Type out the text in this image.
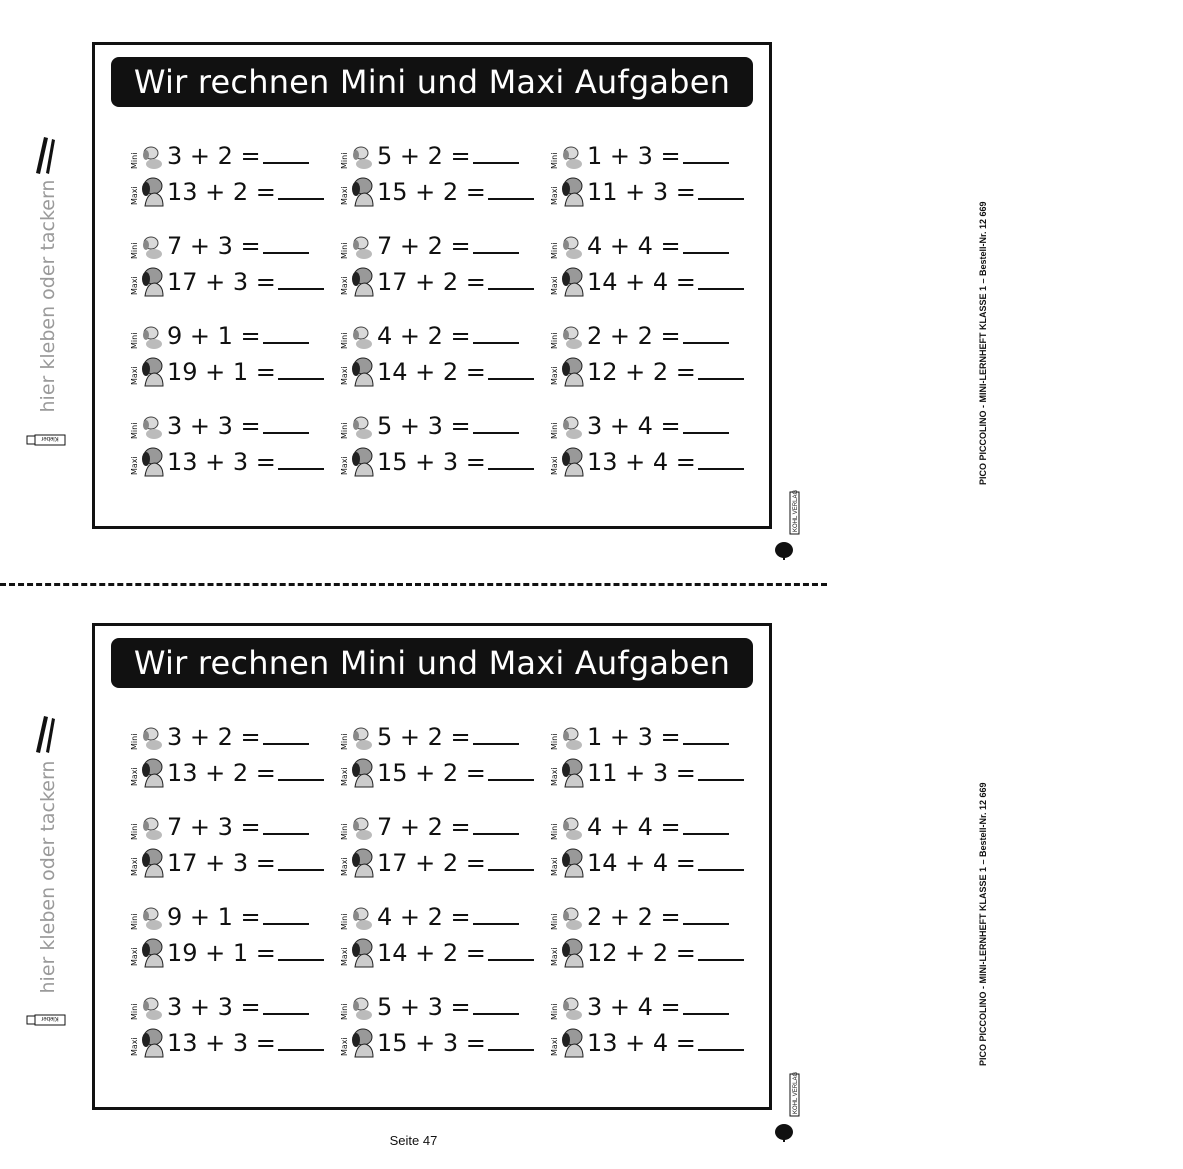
hier kleben oder tackern
Kleber
hier kleben oder tackern
Kleber
Wir rechnen Mini und Maxi Aufgaben
Mini 3 + 2 =
Maxi 13 + 2 =
Mini 5 + 2 =
Maxi 15 + 2 =
Mini 1 + 3 =
Maxi 11 + 3 =
Mini 7 + 3 =
Maxi 17 + 3 =
Mini 7 + 2 =
Maxi 17 + 2 =
Mini 4 + 4 =
Maxi 14 + 4 =
Mini 9 + 1 =
Maxi 19 + 1 =
Mini 4 + 2 =
Maxi 14 + 2 =
Mini 2 + 2 =
Maxi 12 + 2 =
Mini 3 + 3 =
Maxi 13 + 3 =
Mini 5 + 3 =
Maxi 15 + 3 =
Mini 3 + 4 =
Maxi 13 + 4 =	PICO PICCOLINO - MINI-LERNHEFT KLASSE 1 – Bestell-Nr. 12 669
KOHL VERLAG
Wir rechnen Mini und Maxi Aufgaben
Mini 3 + 2 =
Maxi 13 + 2 =
Mini 5 + 2 =
Maxi 15 + 2 =
Mini 1 + 3 =
Maxi 11 + 3 =
Mini 7 + 3 =
Maxi 17 + 3 =
Mini 7 + 2 =
Maxi 17 + 2 =
Mini 4 + 4 =
Maxi 14 + 4 =
Mini 9 + 1 =
Maxi 19 + 1 =
Mini 4 + 2 =
Maxi 14 + 2 =
Mini 2 + 2 =
Maxi 12 + 2 =
Mini 3 + 3 =
Maxi 13 + 3 =
Mini 5 + 3 =
Maxi 15 + 3 =
Mini 3 + 4 =
Maxi 13 + 4 =	PICO PICCOLINO - MINI-LERNHEFT KLASSE 1 – Bestell-Nr. 12 669
KOHL VERLAG
Seite 47
